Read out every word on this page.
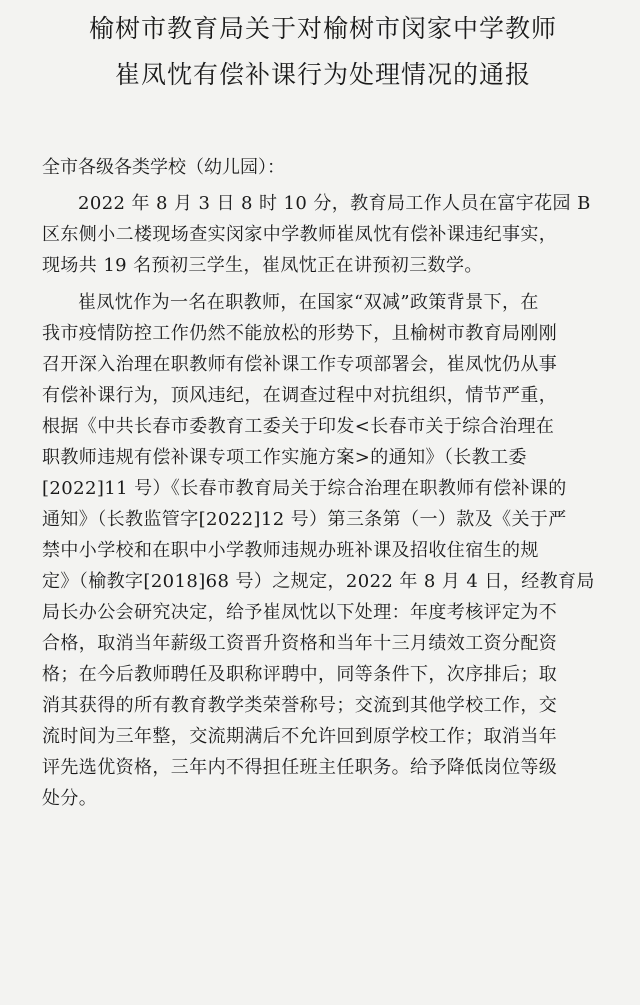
榆树市教育局关于对榆树市闵家中学教师
崔凤忱有偿补课行为处理情况的通报

全市各级各类学校（幼儿园）：

2022 年 8 月 3 日 8 时 10 分，教育局工作人员在富宇花园 B
区东侧小二楼现场查实闵家中学教师崔凤忱有偿补课违纪事实，
现场共 19 名预初三学生，崔凤忱正在讲预初三数学。

崔凤忱作为一名在职教师，在国家“双减”政策背景下，在
我市疫情防控工作仍然不能放松的形势下，且榆树市教育局刚刚
召开深入治理在职教师有偿补课工作专项部署会，崔凤忱仍从事
有偿补课行为，顶风违纪，在调查过程中对抗组织，情节严重，
根据《中共长春市委教育工委关于印发<长春市关于综合治理在
职教师违规有偿补课专项工作实施方案>的通知》（长教工委
[2022]11 号）《长春市教育局关于综合治理在职教师有偿补课的
通知》（长教监管字[2022]12 号）第三条第（一）款及《关于严
禁中小学校和在职中小学教师违规办班补课及招收住宿生的规
定》（榆教字[2018]68 号）之规定，2022 年 8 月 4 日，经教育局
局长办公会研究决定，给予崔凤忱以下处理：年度考核评定为不
合格，取消当年薪级工资晋升资格和当年十三月绩效工资分配资
格；在今后教师聘任及职称评聘中，同等条件下，次序排后；取
消其获得的所有教育教学类荣誉称号；交流到其他学校工作，交
流时间为三年整，交流期满后不允许回到原学校工作；取消当年
评先选优资格，三年内不得担任班主任职务。给予降低岗位等级
处分。
